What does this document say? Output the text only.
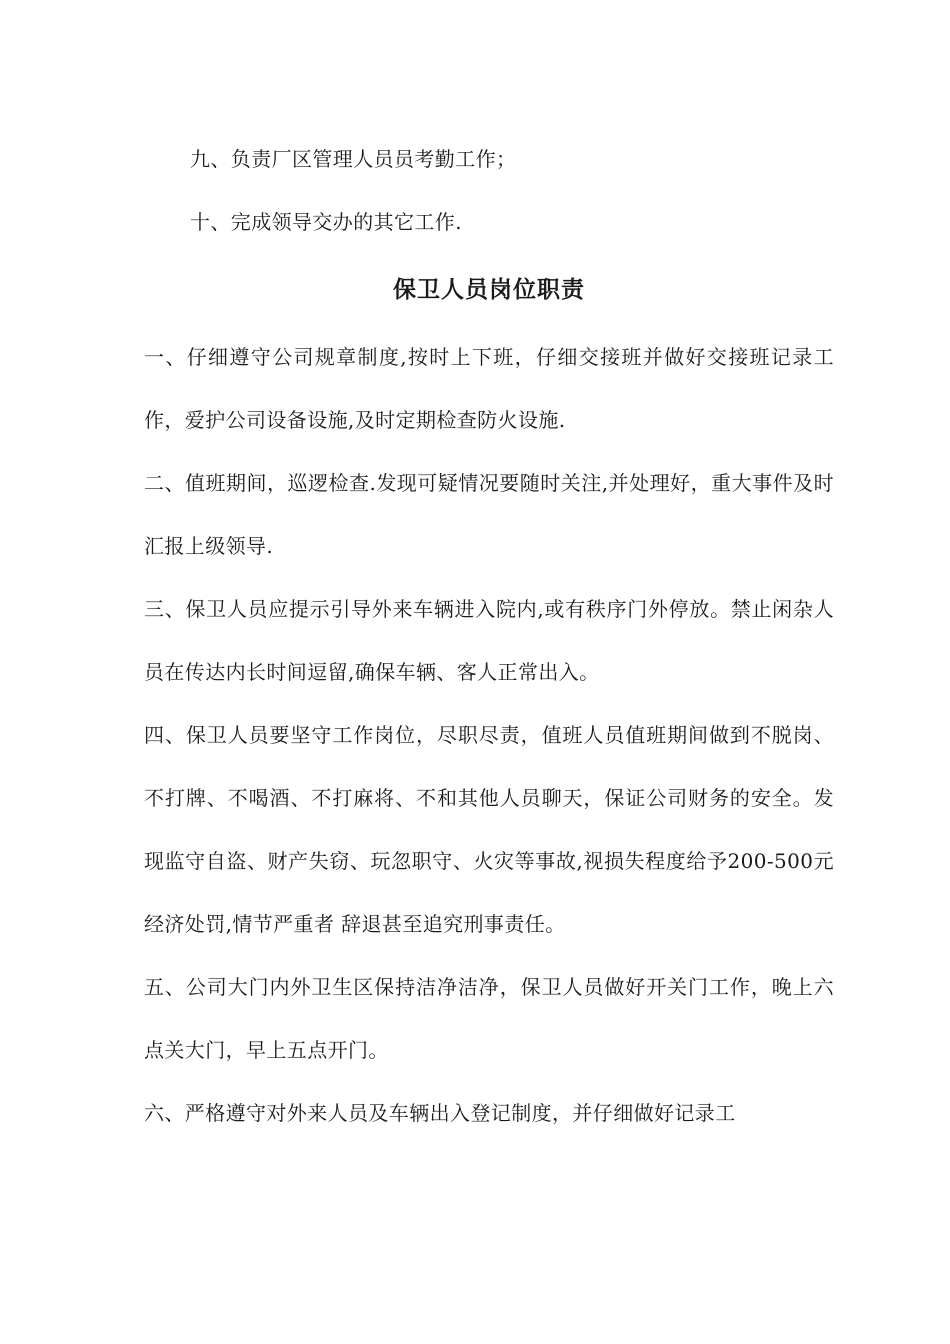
九、负责厂区管理人员员考勤工作；

十、完成领导交办的其它工作.

保卫人员岗位职责

一、仔细遵守公司规章制度,按时上下班，仔细交接班并做好交接班记录工作，爱护公司设备设施,及时定期检查防火设施.

二、值班期间，巡逻检查.发现可疑情况要随时关注,并处理好，重大事件及时汇报上级领导.

三、保卫人员应提示引导外来车辆进入院内,或有秩序门外停放。禁止闲杂人员在传达内长时间逗留,确保车辆、客人正常出入。

四、保卫人员要坚守工作岗位，尽职尽责，值班人员值班期间做到不脱岗、不打牌、不喝酒、不打麻将、不和其他人员聊天，保证公司财务的安全。发现监守自盗、财产失窃、玩忽职守、火灾等事故,视损失程度给予200-500元经济处罚,情节严重者 辞退甚至追究刑事责任。

五、公司大门内外卫生区保持洁净洁净，保卫人员做好开关门工作，晚上六点关大门，早上五点开门。

六、严格遵守对外来人员及车辆出入登记制度，并仔细做好记录工
